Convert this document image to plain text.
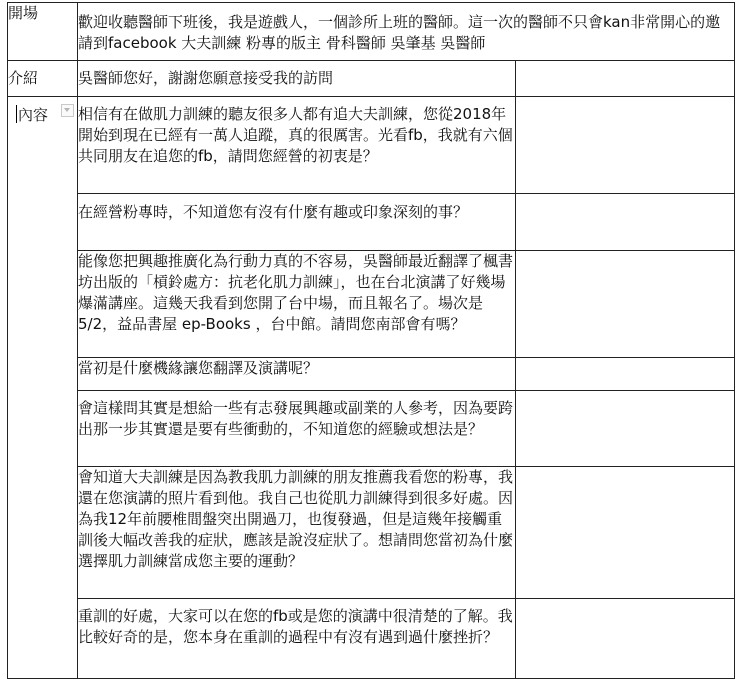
開場	歡迎收聽醫師下班後，我是遊戲人，一個診所上班的醫師。這一次的醫師不只會kan非常開心的邀請到facebook 大夫訓練 粉專的版主 骨科醫師 吳肇基 吳醫師	
介紹	吳醫師您好，謝謝您願意接受我的訪問	
內容	相信有在做肌力訓練的聽友很多人都有追大夫訓練，您從2018年開始到現在已經有一萬人追蹤，真的很厲害。光看fb，我就有六個共同朋友在追您的fb，請問您經營的初衷是？	
	在經營粉專時，不知道您有沒有什麼有趣或印象深刻的事？	
	能像您把興趣推廣化為行動力真的不容易，吳醫師最近翻譯了楓書坊出版的「槓鈴處方：抗老化肌力訓練」，也在台北演講了好幾場爆滿講座。這幾天我看到您開了台中場，而且報名了。場次是5/2，益品書屋 ep-Books ，台中館。請問您南部會有嗎？	
	當初是什麼機緣讓您翻譯及演講呢？	
	會這樣問其實是想給一些有志發展興趣或副業的人參考，因為要跨出那一步其實還是要有些衝動的，不知道您的經驗或想法是？	
	會知道大夫訓練是因為教我肌力訓練的朋友推薦我看您的粉專，我還在您演講的照片看到他。我自己也從肌力訓練得到很多好處。因為我12年前腰椎間盤突出開過刀，也復發過，但是這幾年接觸重訓後大幅改善我的症狀，應該是說沒症狀了。想請問您當初為什麼選擇肌力訓練當成您主要的運動？	
	重訓的好處，大家可以在您的fb或是您的演講中很清楚的了解。我比較好奇的是，您本身在重訓的過程中有沒有遇到過什麼挫折？	
